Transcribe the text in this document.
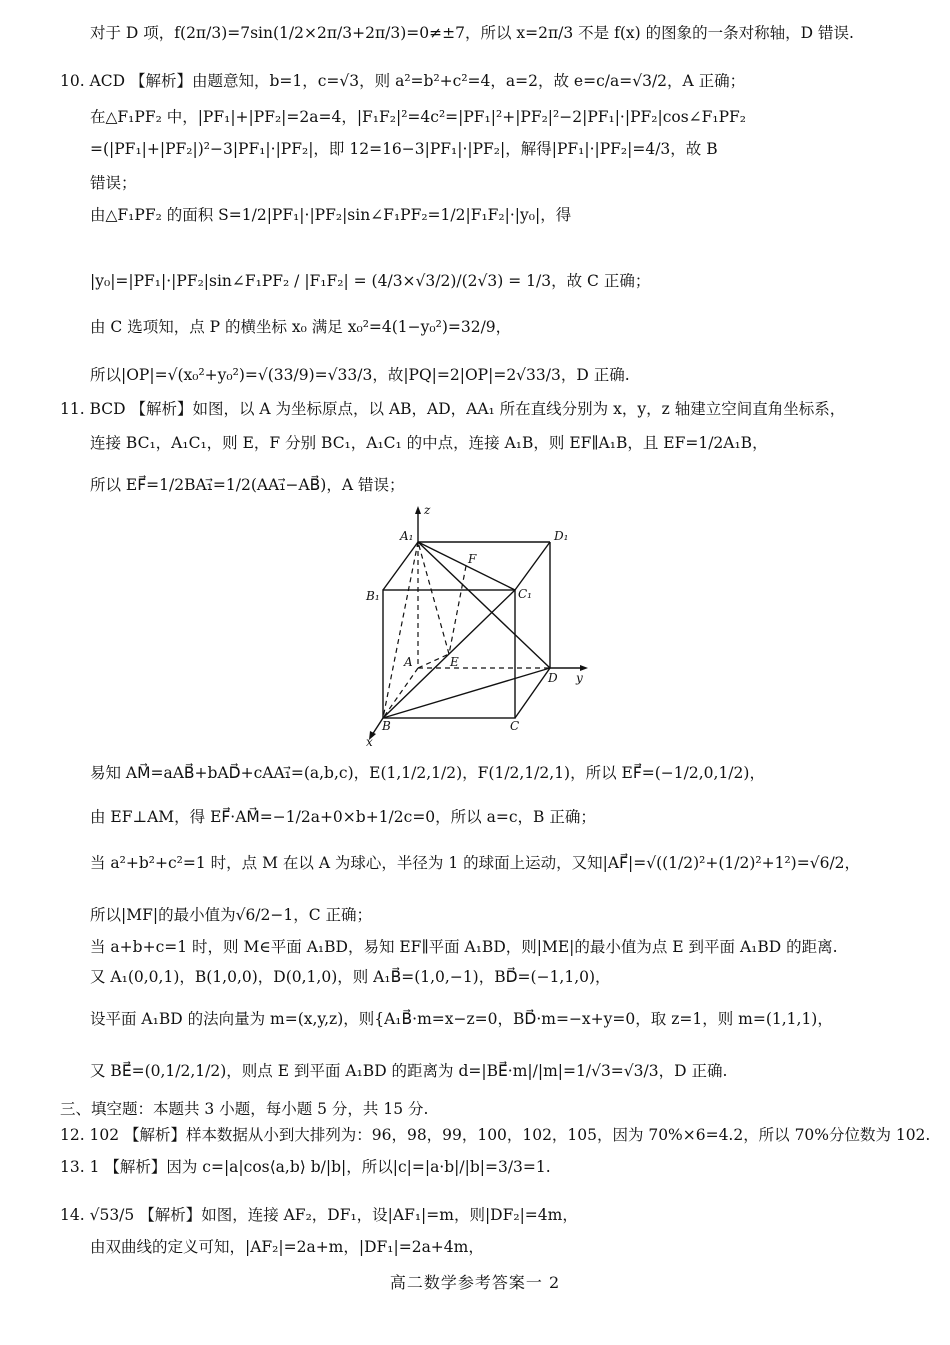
对于 D 项，f(2π/3)=7sin(1/2×2π/3+2π/3)=0≠±7，所以 x=2π/3 不是 f(x) 的图象的一条对称轴，D 错误.
10. ACD 【解析】由题意知，b=1，c=√3，则 a²=b²+c²=4，a=2，故 e=c/a=√3/2，A 正确；
在△F₁PF₂ 中，|PF₁|+|PF₂|=2a=4，|F₁F₂|²=4c²=|PF₁|²+|PF₂|²−2|PF₁|·|PF₂|cos∠F₁PF₂
=(|PF₁|+|PF₂|)²−3|PF₁|·|PF₂|，即 12=16−3|PF₁|·|PF₂|，解得|PF₁|·|PF₂|=4/3，故 B
错误；
由△F₁PF₂ 的面积 S=1/2|PF₁|·|PF₂|sin∠F₁PF₂=1/2|F₁F₂|·|y₀|，得
|y₀|=|PF₁|·|PF₂|sin∠F₁PF₂ / |F₁F₂| = (4/3×√3/2)/(2√3) = 1/3，故 C 正确；
由 C 选项知，点 P 的横坐标 x₀ 满足 x₀²=4(1−y₀²)=32/9，
所以|OP|=√(x₀²+y₀²)=√(33/9)=√33/3，故|PQ|=2|OP|=2√33/3，D 正确.
11. BCD 【解析】如图，以 A 为坐标原点，以 AB，AD，AA₁ 所在直线分别为 x，y，z 轴建立空间直角坐标系，
连接 BC₁，A₁C₁，则 E，F 分别 BC₁，A₁C₁ 的中点，连接 A₁B，则 EF∥A₁B，且 EF=1/2A₁B，
所以 EF⃗=1/2BA₁⃗=1/2(AA₁⃗−AB⃗)，A 错误；
z
y
x
A₁	D₁
B₁	C₁
A
D
B	C
E
F
易知 AM⃗=aAB⃗+bAD⃗+cAA₁⃗=(a,b,c)，E(1,1/2,1/2)，F(1/2,1/2,1)，所以 EF⃗=(−1/2,0,1/2)，
由 EF⊥AM，得 EF⃗·AM⃗=−1/2a+0×b+1/2c=0，所以 a=c，B 正确；
当 a²+b²+c²=1 时，点 M 在以 A 为球心，半径为 1 的球面上运动，又知|AF⃗|=√((1/2)²+(1/2)²+1²)=√6/2，
所以|MF|的最小值为√6/2−1，C 正确；
当 a+b+c=1 时，则 M∈平面 A₁BD，易知 EF∥平面 A₁BD，则|ME|的最小值为点 E 到平面 A₁BD 的距离.
又 A₁(0,0,1)，B(1,0,0)，D(0,1,0)，则 A₁B⃗=(1,0,−1)，BD⃗=(−1,1,0)，
设平面 A₁BD 的法向量为 m=(x,y,z)，则{A₁B⃗·m=x−z=0，BD⃗·m=−x+y=0，取 z=1，则 m=(1,1,1)，
又 BE⃗=(0,1/2,1/2)，则点 E 到平面 A₁BD 的距离为 d=|BE⃗·m|/|m|=1/√3=√3/3，D 正确.
三、填空题：本题共 3 小题，每小题 5 分，共 15 分.
12. 102 【解析】样本数据从小到大排列为：96，98，99，100，102，105，因为 70%×6=4.2，所以 70%分位数为 102.
13. 1 【解析】因为 c=|a|cos⟨a,b⟩ b/|b|，所以|c|=|a·b|/|b|=3/3=1.
14. √53/5 【解析】如图，连接 AF₂，DF₁，设|AF₁|=m，则|DF₂|=4m，
由双曲线的定义可知，|AF₂|=2a+m，|DF₁|=2a+4m，
高二数学参考答案一 2
